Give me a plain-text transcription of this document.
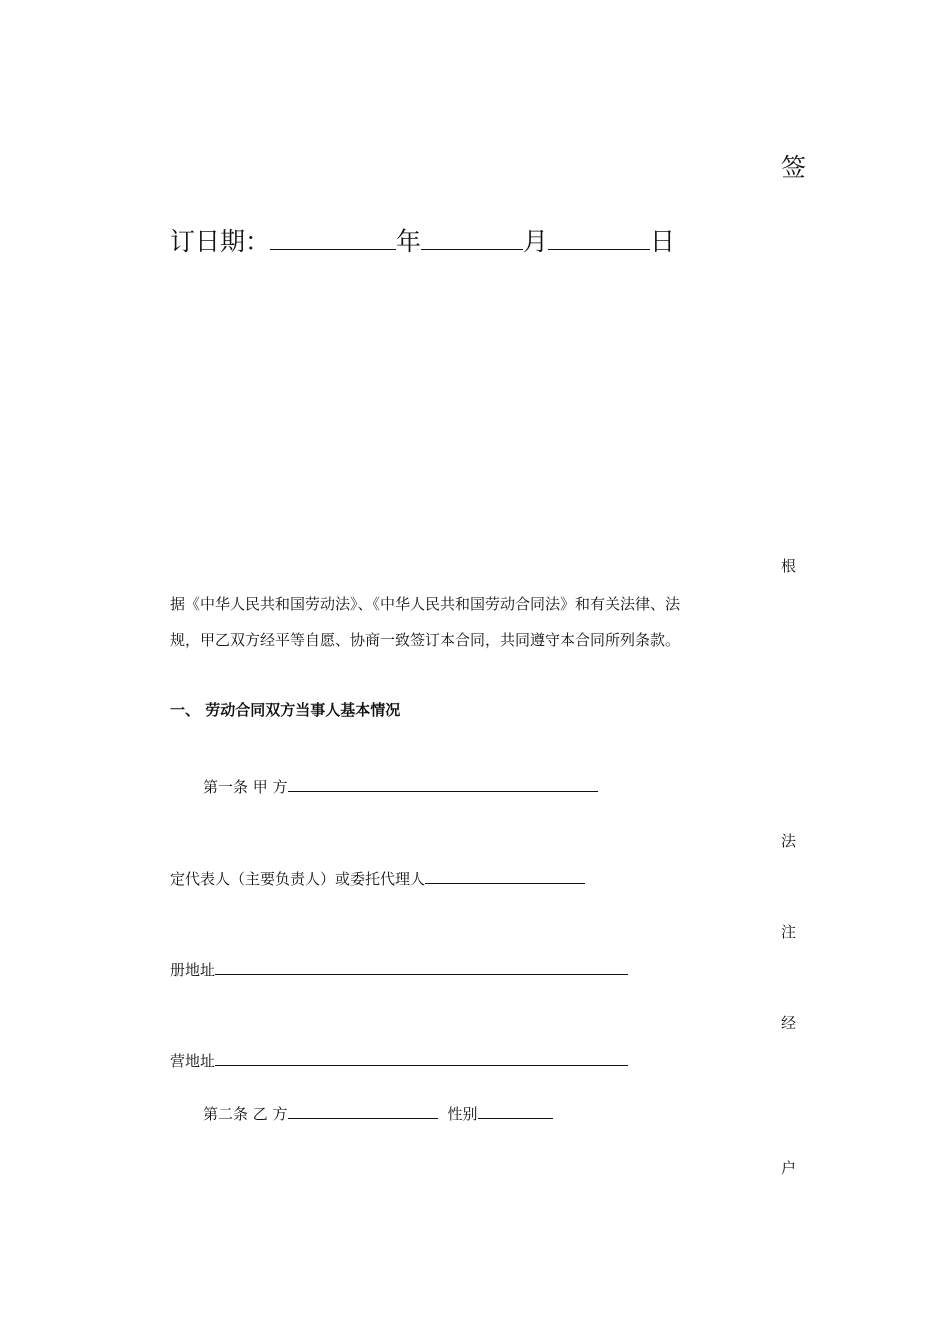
签
订日期：	年	月	日
根
据《中华人民共和国劳动法》、《中华人民共和国劳动合同法》和有关法律、法
规，甲乙双方经平等自愿、协商一致签订本合同，共同遵守本合同所列条款。
一、 劳动合同双方当事人基本情况
第一条 甲 方
法
定代表人（主要负责人）或委托代理人
注
册地址
经
营地址
第二条 乙 方	性别
户
